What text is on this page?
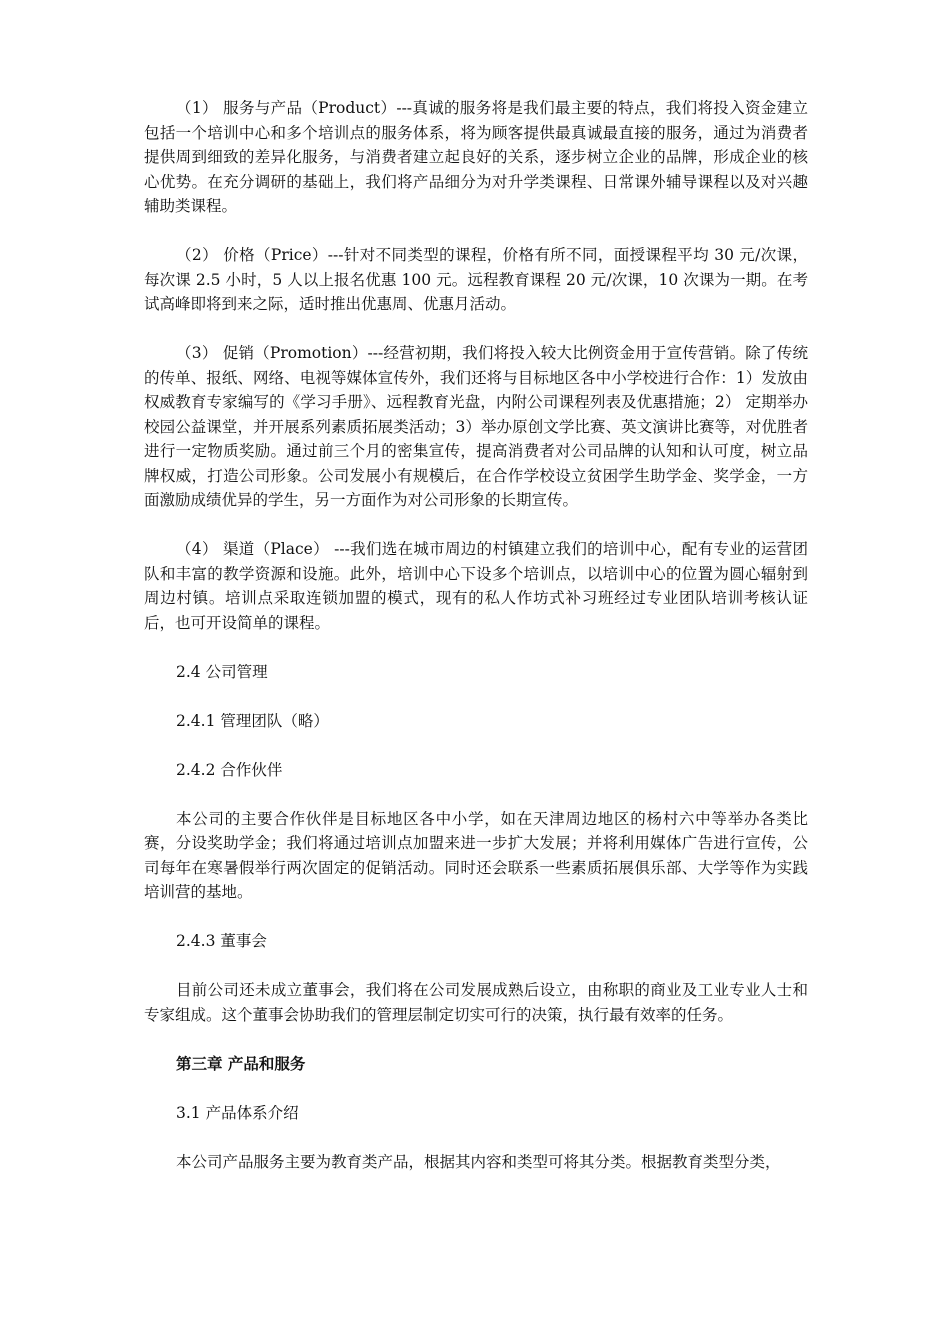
（1） 服务与产品（Product）---真诚的服务将是我们最主要的特点，我们将投入资金建立包括一个培训中心和多个培训点的服务体系，将为顾客提供最真诚最直接的服务，通过为消费者提供周到细致的差异化服务，与消费者建立起良好的关系，逐步树立企业的品牌，形成企业的核心优势。在充分调研的基础上，我们将产品细分为对升学类课程、日常课外辅导课程以及对兴趣辅助类课程。

（2） 价格（Price）---针对不同类型的课程，价格有所不同，面授课程平均 30 元/次课，每次课 2.5 小时，5 人以上报名优惠 100 元。远程教育课程 20 元/次课，10 次课为一期。在考试高峰即将到来之际，适时推出优惠周、优惠月活动。

（3） 促销（Promotion）---经营初期，我们将投入较大比例资金用于宣传营销。除了传统的传单、报纸、网络、电视等媒体宣传外，我们还将与目标地区各中小学校进行合作：1）发放由权威教育专家编写的《学习手册》、远程教育光盘，内附公司课程列表及优惠措施；2） 定期举办校园公益课堂，并开展系列素质拓展类活动；3）举办原创文学比赛、英文演讲比赛等，对优胜者进行一定物质奖励。通过前三个月的密集宣传，提高消费者对公司品牌的认知和认可度，树立品牌权威，打造公司形象。公司发展小有规模后，在合作学校设立贫困学生助学金、奖学金，一方面激励成绩优异的学生，另一方面作为对公司形象的长期宣传。

（4） 渠道（Place） ---我们选在城市周边的村镇建立我们的培训中心，配有专业的运营团队和丰富的教学资源和设施。此外，培训中心下设多个培训点，以培训中心的位置为圆心辐射到周边村镇。培训点采取连锁加盟的模式，现有的私人作坊式补习班经过专业团队培训考核认证后，也可开设简单的课程。

2.4 公司管理

2.4.1 管理团队（略）

2.4.2 合作伙伴

本公司的主要合作伙伴是目标地区各中小学，如在天津周边地区的杨村六中等举办各类比赛，分设奖助学金；我们将通过培训点加盟来进一步扩大发展；并将利用媒体广告进行宣传，公司每年在寒暑假举行两次固定的促销活动。同时还会联系一些素质拓展俱乐部、大学等作为实践培训营的基地。

2.4.3 董事会

目前公司还未成立董事会，我们将在公司发展成熟后设立，由称职的商业及工业专业人士和专家组成。这个董事会协助我们的管理层制定切实可行的决策，执行最有效率的任务。

第三章 产品和服务

3.1 产品体系介绍

本公司产品服务主要为教育类产品，根据其内容和类型可将其分类。根据教育类型分类，
